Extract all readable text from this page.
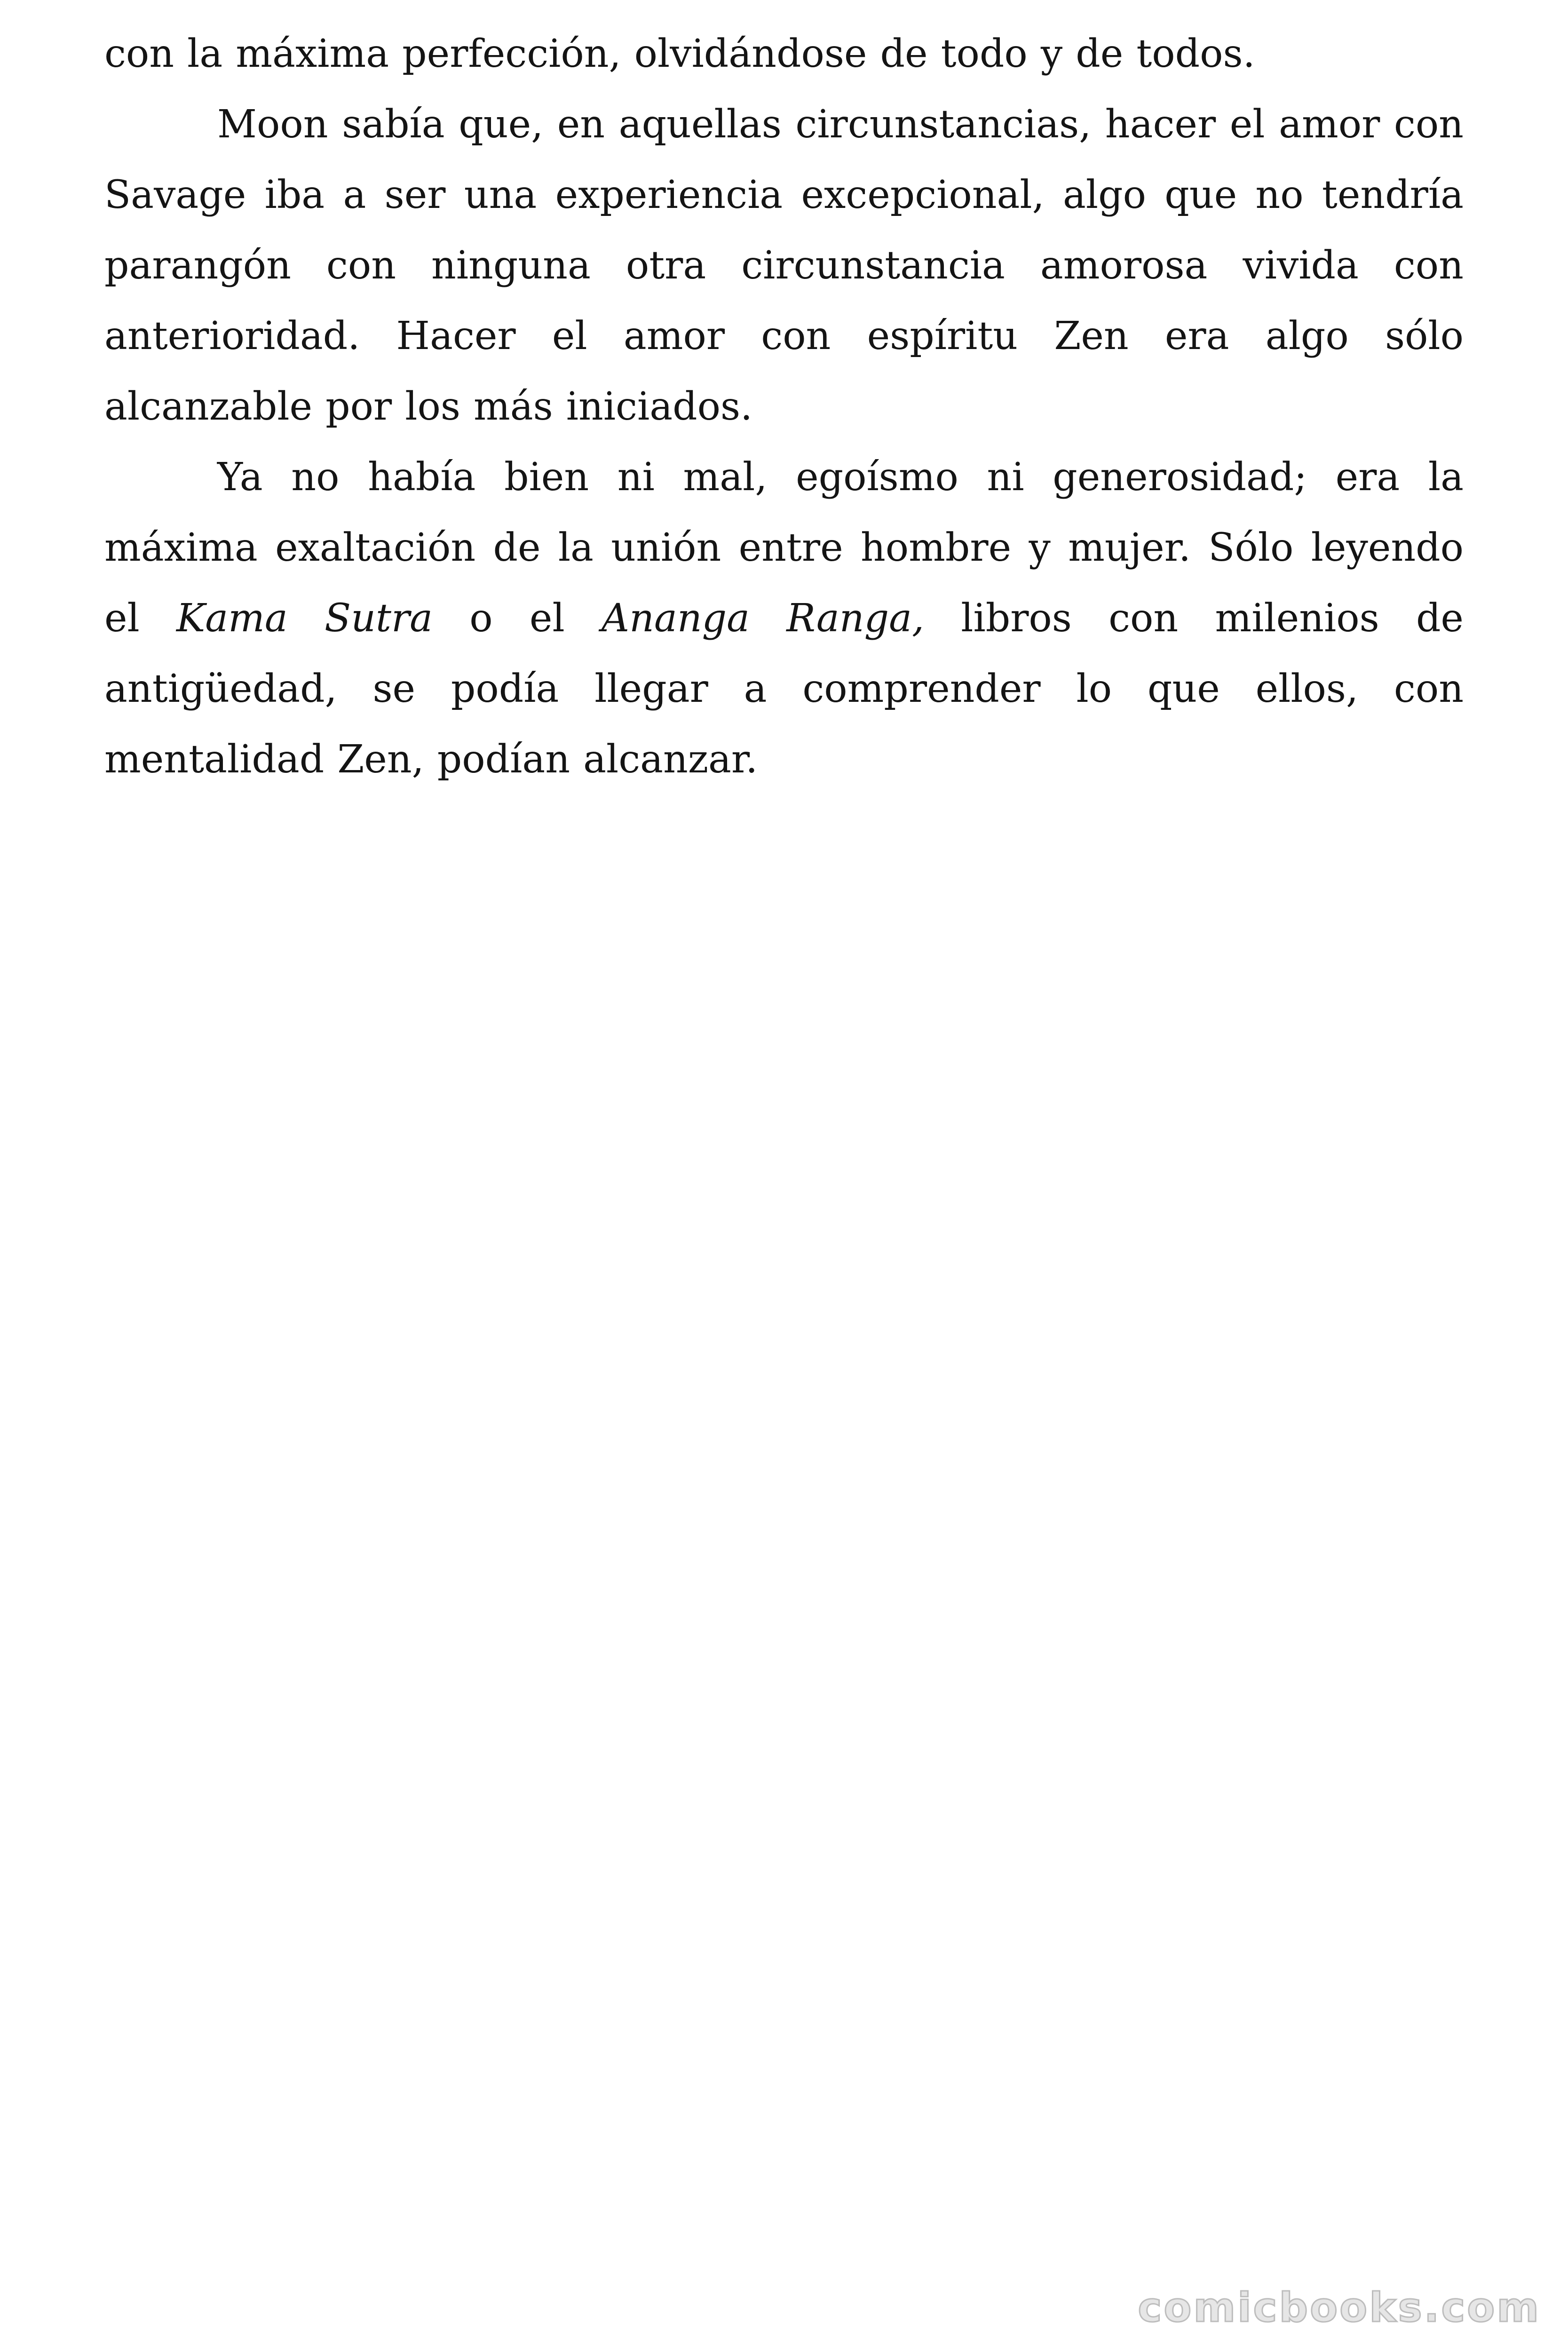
con la máxima perfección, olvidándose de todo y de todos.

Moon sabía que, en aquellas circunstancias, hacer el amor con Savage iba a ser una experiencia excepcional, algo que no tendría parangón con ninguna otra circunstancia amorosa vivida con anterioridad. Hacer el amor con espíritu Zen era algo sólo alcanzable por los más iniciados.

Ya no había bien ni mal, egoísmo ni generosidad; era la máxima exaltación de la unión entre hombre y mujer. Sólo leyendo el Kama Sutra o el Ananga Ranga, libros con milenios de antigüedad, se podía llegar a comprender lo que ellos, con mentalidad Zen, podían alcanzar.

comicbooks.com
